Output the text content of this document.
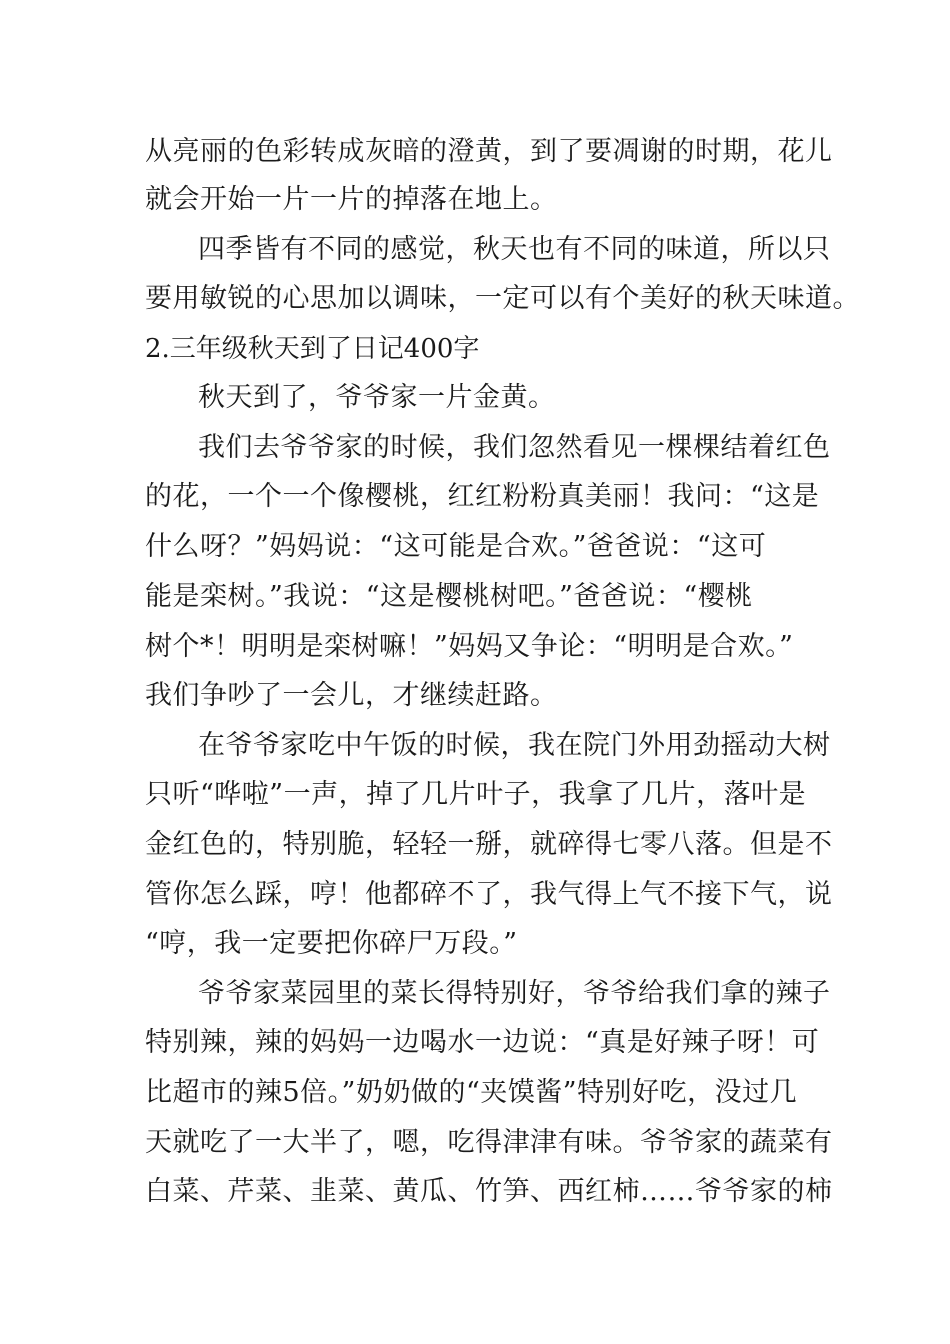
从亮丽的色彩转成灰暗的澄黄，到了要凋谢的时期，花儿
就会开始一片一片的掉落在地上。
四季皆有不同的感觉，秋天也有不同的味道，所以只
要用敏锐的心思加以调味，一定可以有个美好的秋天味道。
2.三年级秋天到了日记400字
秋天到了，爷爷家一片金黄。
我们去爷爷家的时候，我们忽然看见一棵棵结着红色
的花，一个一个像樱桃，红红粉粉真美丽！我问：“这是
什么呀？”妈妈说：“这可能是合欢。”爸爸说：“这可
能是栾树。”我说：“这是樱桃树吧。”爸爸说：“樱桃
树个*！明明是栾树嘛！”妈妈又争论：“明明是合欢。”
我们争吵了一会儿，才继续赶路。
在爷爷家吃中午饭的时候，我在院门外用劲摇动大树
只听“哗啦”一声，掉了几片叶子，我拿了几片，落叶是
金红色的，特别脆，轻轻一掰，就碎得七零八落。但是不
管你怎么踩，哼！他都碎不了，我气得上气不接下气，说
“哼，我一定要把你碎尸万段。”
爷爷家菜园里的菜长得特别好，爷爷给我们拿的辣子
特别辣，辣的妈妈一边喝水一边说：“真是好辣子呀！可
比超市的辣5倍。”奶奶做的“夹馍酱”特别好吃，没过几
天就吃了一大半了，嗯，吃得津津有味。爷爷家的蔬菜有
白菜、芹菜、韭菜、黄瓜、竹笋、西红柿……爷爷家的柿
